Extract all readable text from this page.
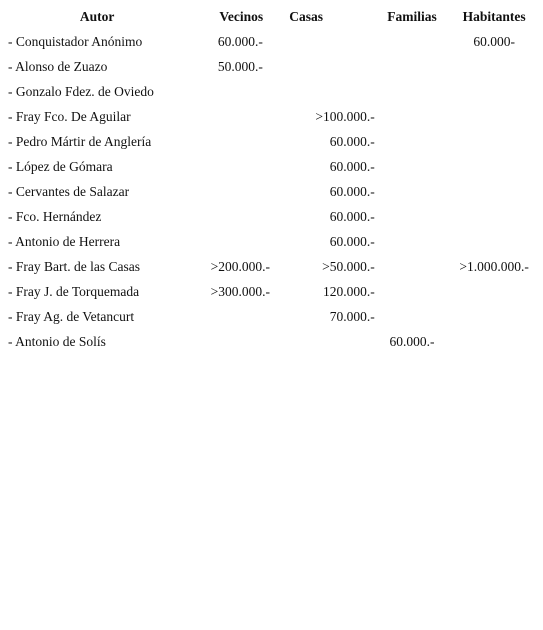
Autor	Vecinos	Casas	Familias	Habitantes
- Conquistador Anónimo	60.000.-			60.000-
- Alonso de Zuazo	50.000.-			
- Gonzalo Fdez. de Oviedo				
- Fray Fco. De Aguilar		>100.000.-		
- Pedro Mártir de Anglería		60.000.-		
- López de Gómara		60.000.-		
- Cervantes de Salazar		60.000.-		
- Fco. Hernández		60.000.-		
- Antonio de Herrera		60.000.-		
- Fray Bart. de las Casas	>200.000.-	>50.000.-		>1.000.000.-
- Fray J. de Torquemada	>300.000.-	120.000.-		
- Fray Ag. de Vetancurt		70.000.-		
- Antonio de Solís			60.000.-	
